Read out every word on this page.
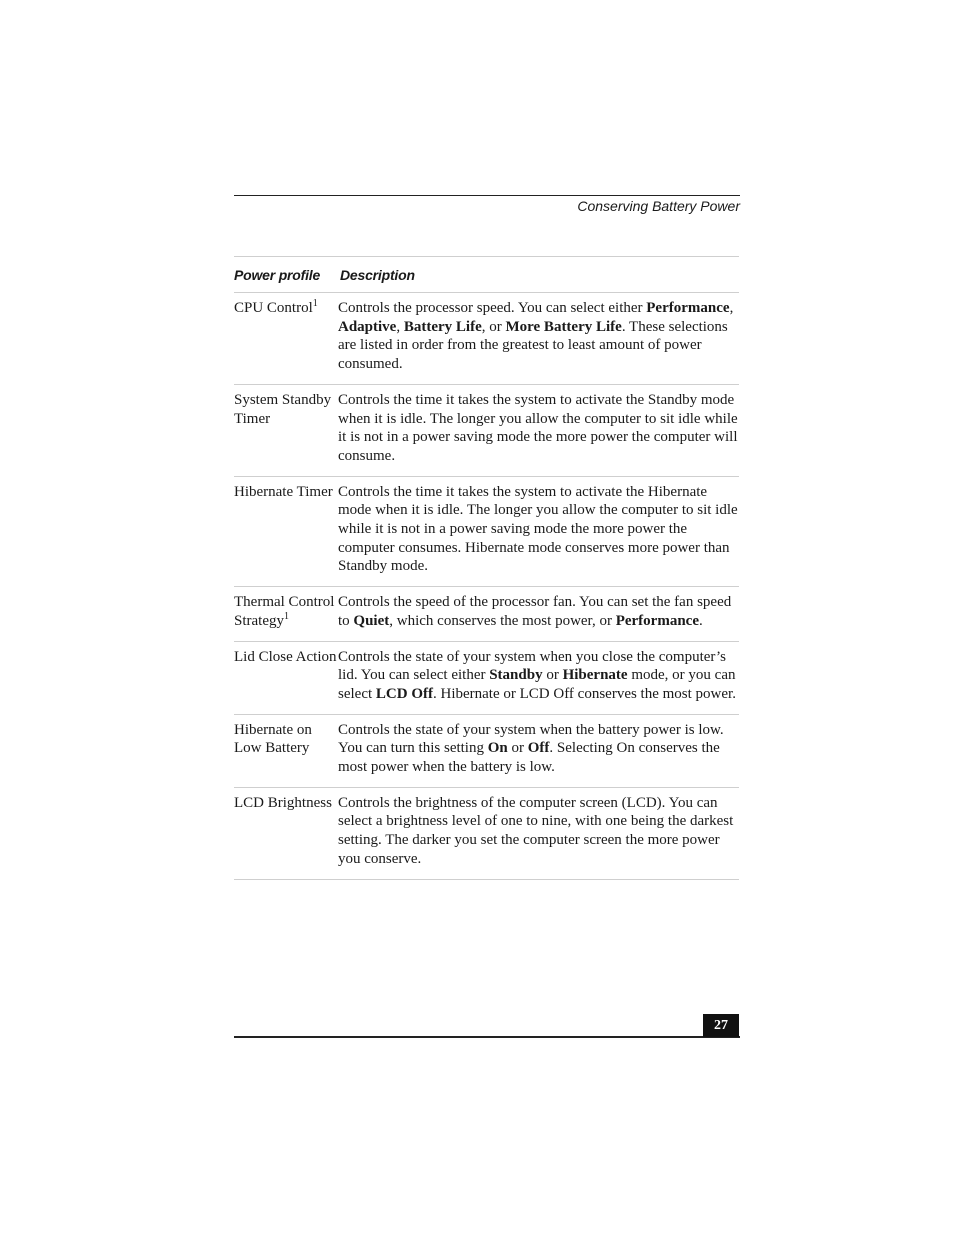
Conserving Battery Power
Power profile	Description
CPU Control$^1$	Controls the processor speed. You can select either Performance, Adaptive, Battery Life, or More Battery Life. These selections are listed in order from the greatest to least amount of power consumed.
System Standby Timer	Controls the time it takes the system to activate the Standby mode when it is idle. The longer you allow the computer to sit idle while it is not in a power saving mode the more power the computer will consume.
Hibernate Timer	Controls the time it takes the system to activate the Hibernate mode when it is idle. The longer you allow the computer to sit idle while it is not in a power saving mode the more power the computer consumes. Hibernate mode conserves more power than Standby mode.
Thermal Control Strategy$^1$	Controls the speed of the processor fan. You can set the fan speed to Quiet, which conserves the most power, or Performance.
Lid Close Action	Controls the state of your system when you close the computer’s lid. You can select either Standby or Hibernate mode, or you can select LCD Off. Hibernate or LCD Off conserves the most power.
Hibernate on Low Battery	Controls the state of your system when the battery power is low. You can turn this setting On or Off. Selecting On conserves the most power when the battery is low.
LCD Brightness	Controls the brightness of the computer screen (LCD). You can select a brightness level of one to nine, with one being the darkest setting. The darker you set the computer screen the more power you conserve.
27
